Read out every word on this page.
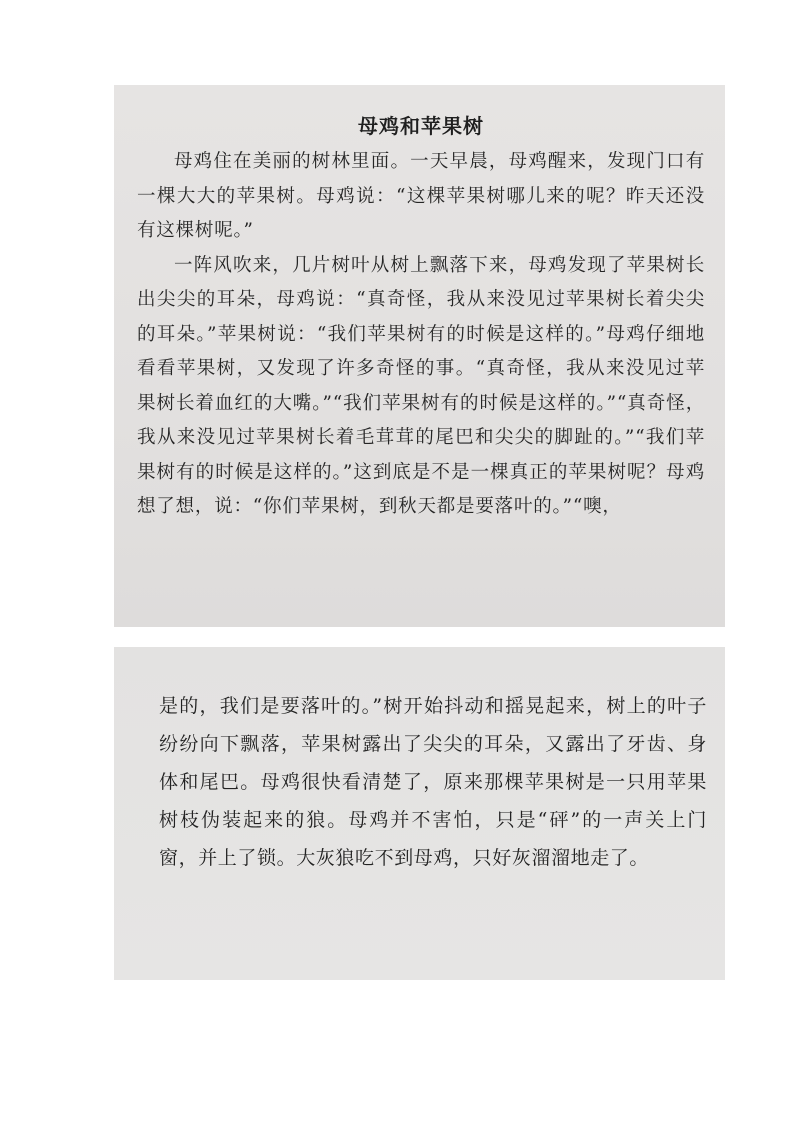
母鸡和苹果树

母鸡住在美丽的树林里面。一天早晨，母鸡醒来，发现门口有一棵大大的苹果树。母鸡说：“这棵苹果树哪儿来的呢？昨天还没有这棵树呢。”

一阵风吹来，几片树叶从树上飘落下来，母鸡发现了苹果树长出尖尖的耳朵，母鸡说：“真奇怪，我从来没见过苹果树长着尖尖的耳朵。”苹果树说：“我们苹果树有的时候是这样的。”母鸡仔细地看看苹果树，又发现了许多奇怪的事。“真奇怪，我从来没见过苹果树长着血红的大嘴。”“我们苹果树有的时候是这样的。”“真奇怪，我从来没见过苹果树长着毛茸茸的尾巴和尖尖的脚趾的。”“我们苹果树有的时候是这样的。”这到底是不是一棵真正的苹果树呢？母鸡想了想，说：“你们苹果树，到秋天都是要落叶的。”“噢，

是的，我们是要落叶的。”树开始抖动和摇晃起来，树上的叶子纷纷向下飘落，苹果树露出了尖尖的耳朵，又露出了牙齿、身体和尾巴。母鸡很快看清楚了，原来那棵苹果树是一只用苹果树枝伪装起来的狼。母鸡并不害怕，只是“砰”的一声关上门窗，并上了锁。大灰狼吃不到母鸡，只好灰溜溜地走了。
